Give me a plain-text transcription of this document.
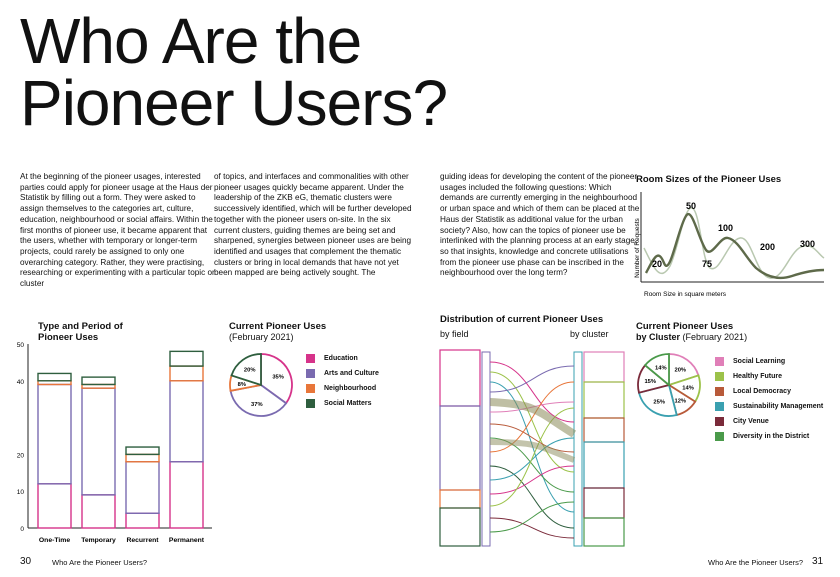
Who Are the Pioneer Users?
At the beginning of the pioneer usages, interested parties could apply for pioneer usage at the Haus der Statistik by filling out a form. They were asked to assign themselves to the categories art, culture, education, neighbourhood or social affairs. Within the first months of pioneer use, it became apparent that the users, whether with temporary or longer-term projects, could rarely be assigned to only one overarching category. Rather, they were practising, researching or experimenting with a particular topic or cluster
of topics, and interfaces and commonalities with other pioneer usages quickly became apparent. Under the leadership of the ZKB eG, thematic clusters were successively identified, which will be further developed together with the pioneer users on-site. In the six current clusters, guiding themes are being set and sharpened, synergies between pioneer uses are being identified and usages that complement the thematic clusters or bring in local demands that have not yet been mapped are being actively sought. The
guiding ideas for developing the content of the pioneer usages included the following questions: Which demands are currently emerging in the neighbourhood or urban space and which of them can be placed at the Haus der Statistik as additional value for the urban society? Also, how can the topics of pioneer use be interlinked with the planning process at an early stage, so that insights, knowledge and concrete utilisations from the pioneer use phase can be inscribed in the neighbourhood over the long term?
Room Sizes of the Pioneer Uses
Number of Requests
Room Size in square meters
20
50
75
100
200	300
Type and Period of Pioneer Uses
0
10
20
40
50
One-Time Temporary Recurrent Permanent
Current Pioneer Uses
(February 2021)
35%
37%
8%
20%
Education
Arts and Culture
Neighbourhood
Social Matters
Distribution of current Pioneer Uses
by field	by cluster
Current Pioneer Uses
by Cluster (February 2021)
20%
14%
12%
25%
15%
14%
Social Learning
Healthy Future
Local Democracy
Sustainability Management
City Venue
Diversity in the District
30	Who Are the Pioneer Users?	Who Are the Pioneer Users? 31
